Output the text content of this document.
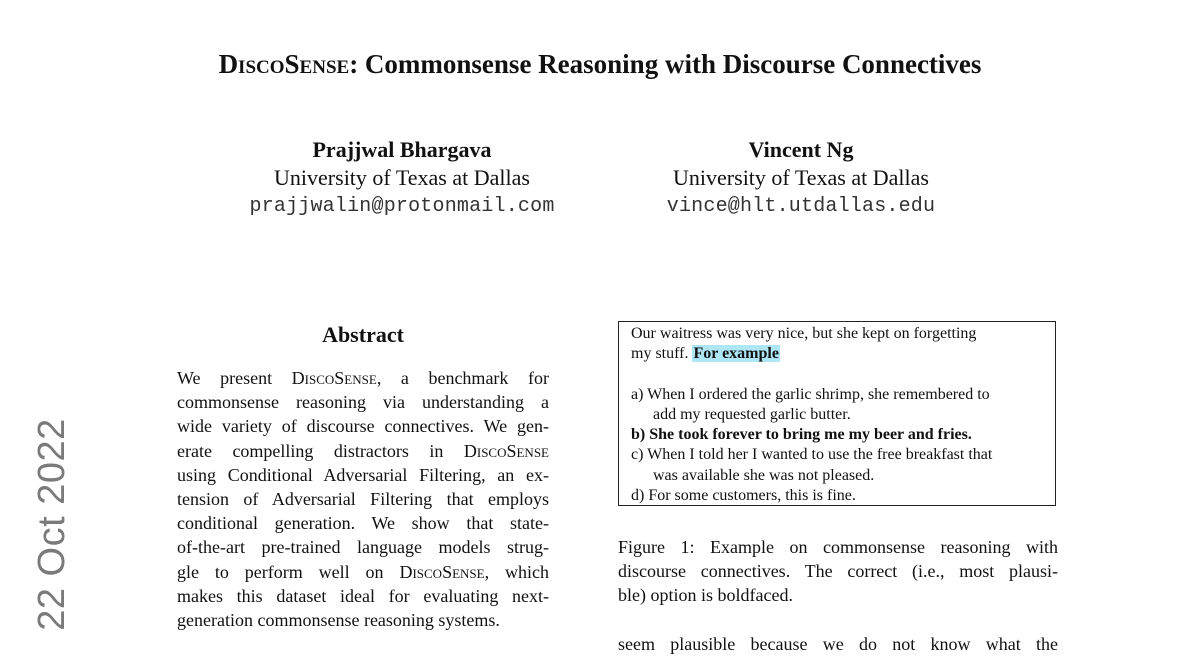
DiscoSense: Commonsense Reasoning with Discourse Connectives
Prajjwal Bhargava
University of Texas at Dallas
prajjwalin@protonmail.com
Vincent Ng
University of Texas at Dallas
vince@hlt.utdallas.edu
22 Oct 2022
Abstract
We present DiscoSense, a benchmark for
commonsense reasoning via understanding a
wide variety of discourse connectives. We gen-
erate compelling distractors in DiscoSense
using Conditional Adversarial Filtering, an ex-
tension of Adversarial Filtering that employs
conditional generation. We show that state-
of-the-art pre-trained language models strug-
gle to perform well on DiscoSense, which
makes this dataset ideal for evaluating next-
generation commonsense reasoning systems.
Our waitress was very nice, but she kept on forgetting
my stuff. For example
a) When I ordered the garlic shrimp, she remembered to
add my requested garlic butter.
b) She took forever to bring me my beer and fries.
c) When I told her I wanted to use the free breakfast that
was available she was not pleased.
d) For some customers, this is fine.
Figure 1: Example on commonsense reasoning with
discourse connectives. The correct (i.e., most plausi-
ble) option is boldfaced.
seem plausible because we do not know what the
